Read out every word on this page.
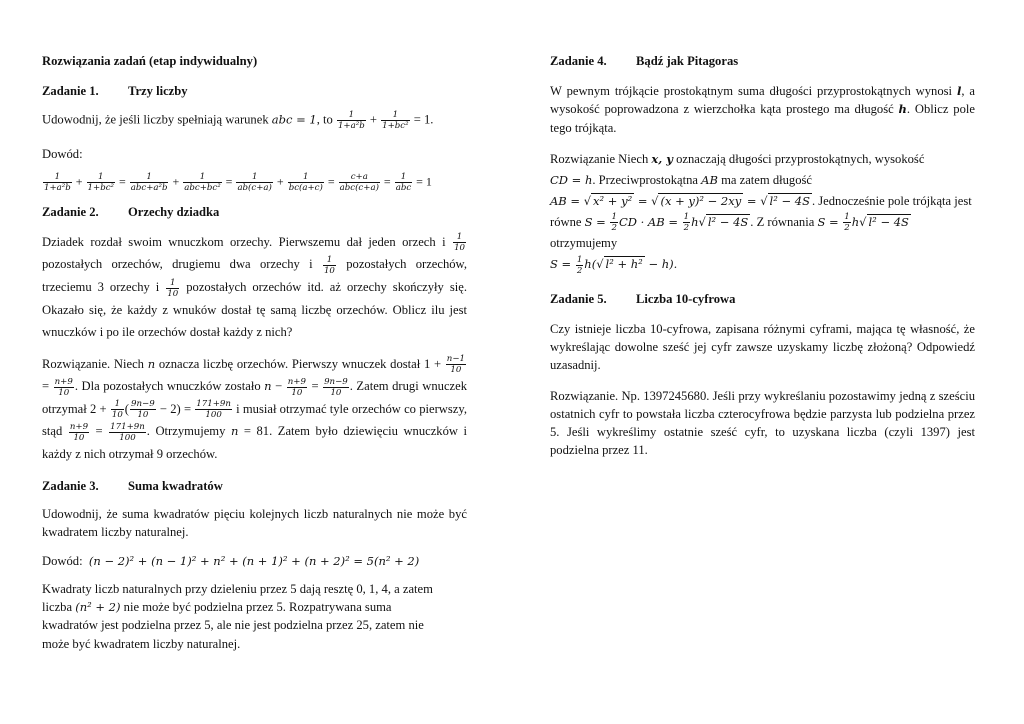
Rozwiązania zadań (etap indywidualny)

Zadanie 1. Trzy liczby

Udowodnij, że jeśli liczby spełniają warunek abc = 1, to $\frac{1}{\text{1+a²b}} + \frac{1}{\text{1+bc²}} = 1$.

Dowód:

$\frac{1}{\text{1+a²b}} + \frac{1}{\text{1+bc²}}$ =	1
abc+a²b +	1
$abc+bc^2 = \frac{1}{ab(c+a)} + \frac{1}{bc(a+c)}$ =	c+a
abc(c+a) = 1
abc = 1

Zadanie 2. Orzechy dziadka

Dziadek rozdał swoim wnuczkom orzechy. Pierwszemu dał jeden orzech i $\frac{1}{10}$
pozostałych orzechów, drugiemu dwa orzechy i $\frac{1}{10}$ pozostałych orzechów, trzeciemu 3 orzechy i $\frac{1}{10}$ pozostałych orzechów itd. aż orzechy skończyły się. Okazało się, że każdy z wnuków dostał tę samą liczbę orzechów. Oblicz ilu jest wnuczków i po ile orzechów dostał każdy z nich?

Rozwiązanie. Niech n oznacza liczbę orzechów. Pierwszy wnuczek dostał $1 + \frac{n-1}{10}$
= $\frac{n+9}{10}$ . Dla pozostałych wnuczków zostało $n - \frac{n+9}{10} = \frac{9n-9}{10}$ . Zatem drugi wnuczek otrzymał $2 + \frac{1}{10}$ ( $\frac{9n-9}{10} - 2) = \frac{171+9n}{100}$ i musiał otrzymać tyle orzechów co pierwszy, stąd $\frac{n+9}{10} = \frac{171+9n}{100}$ . Otrzymujemy n = 81. Zatem było dziewięciu wnuczków i każdy z nich otrzymał 9 orzechów.

Zadanie 3. Suma kwadratów

Udowodnij, że suma kwadratów pięciu kolejnych liczb naturalnych nie może być kwadratem liczby naturalnej.

Dowód: (n − 2)² + (n − 1)² + n² + (n + 1)² + (n + 2)² = 5(n² + 2)

Kwadraty liczb naturalnych przy dzieleniu przez 5 dają resztę 0, 1, 4, a zatem

liczba (n² + 2) nie może być podzielna przez 5. Rozpatrywana suma

kwadratów jest podzielna przez 5, ale nie jest podzielna przez 25, zatem nie

może być kwadratem liczby naturalnej.

Zadanie 4. Bądź jak Pitagoras

W pewnym trójkącie prostokątnym suma długości przyprostokątnych wynosi l, a wysokość poprowadzona z wierzchołka kąta prostego ma długość h. Oblicz pole tego trójkąta.

Rozwiązanie Niech x, y oznaczają długości przyprostokątnych, wysokość
CD = h. Przeciwprostokątna AB ma zatem długość
AB = √ x² + y² = √ (x + y)² − 2xy = √ l² − 4S . Jednocześnie pole trójkąta jest
równe $S = \frac{1}{2}$ CD · AB = $\frac{1}{2} h√$ l² − 4S . Z równania $S = \frac{1}{2} h√$ l² − 4S otrzymujemy
$S = \frac{1}{2} h(√$ l² + h² − h).

Zadanie 5. Liczba 10-cyfrowa

Czy istnieje liczba 10-cyfrowa, zapisana różnymi cyframi, mająca tę własność, że wykreślając dowolne sześć jej cyfr zawsze uzyskamy liczbę złożoną? Odpowiedź uzasadnij.

Rozwiązanie. Np. 1397245680. Jeśli przy wykreślaniu pozostawimy jedną z sześciu ostatnich cyfr to powstała liczba czterocyfrowa będzie parzysta lub podzielna przez 5. Jeśli wykreślimy ostatnie sześć cyfr, to uzyskana liczba (czyli 1397) jest podzielna przez 11.
